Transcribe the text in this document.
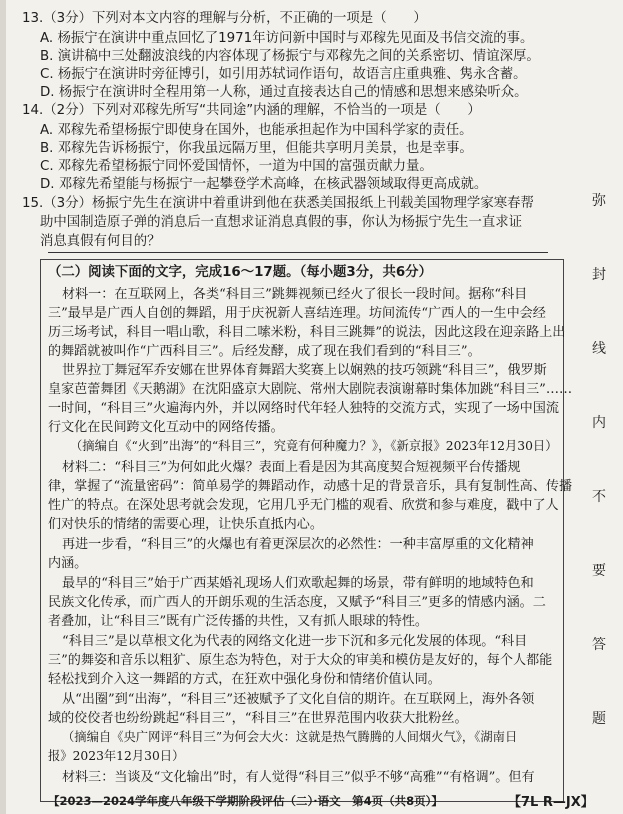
13.（3分）下列对本文内容的理解与分析，不正确的一项是（　　）
A. 杨振宁在演讲中重点回忆了1971年访问新中国时与邓稼先见面及书信交流的事。
B. 演讲稿中三处翻波浪线的内容体现了杨振宁与邓稼先之间的关系密切、情谊深厚。
C. 杨振宁在演讲时旁征博引，如引用苏轼词作语句，故语言庄重典雅、隽永含蓄。
D. 杨振宁在演讲时全程用第一人称，通过直接表达自己的情感和思想来感染听众。
14.（2分）下列对邓稼先所写“共同途”内涵的理解，不恰当的一项是（　　）
A. 邓稼先希望杨振宁即使身在国外，也能承担起作为中国科学家的责任。
B. 邓稼先告诉杨振宁，你我虽远隔万里，但能共享明月美景，也是幸事。
C. 邓稼先希望杨振宁同怀爱国情怀，一道为中国的富强贡献力量。
D. 邓稼先希望能与杨振宁一起攀登学术高峰，在核武器领域取得更高成就。
15.（3分）杨振宁先生在演讲中着重讲到他在获悉美国报纸上刊载美国物理学家寒春帮
助中国制造原子弹的消息后一直想求证消息真假的事，你认为杨振宁先生一直求证
消息真假有何目的？
（二）阅读下面的文字，完成16～17题。（每小题3分，共6分）
材料一：在互联网上，各类“科目三”跳舞视频已经火了很长一段时间。据称“科目
三”最早是广西人自创的舞蹈，用于庆祝新人喜结连理。坊间流传“广西人的一生中会经
历三场考试，科目一唱山歌，科目二嗦米粉，科目三跳舞”的说法，因此这段在迎亲路上出
的舞蹈就被叫作“广西科目三”。后经发酵，成了现在我们看到的“科目三”。
世界拉丁舞冠军乔安娜在世界体育舞蹈大奖赛上以娴熟的技巧领跳“科目三”，俄罗斯
皇家芭蕾舞团《天鹅湖》在沈阳盛京大剧院、常州大剧院表演谢幕时集体加跳“科目三”……
一时间，“科目三”火遍海内外，并以网络时代年轻人独特的交流方式，实现了一场中国流
行文化在民间跨文化互动中的网络传播。
（摘编自《“火到”出海”的“科目三”，究竟有何种魔力？》，《新京报》2023年12月30日）
材料二：“科目三”为何如此火爆？表面上看是因为其高度契合短视频平台传播规
律，掌握了“流量密码”：简单易学的舞蹈动作，动感十足的背景音乐，具有复制性高、传播
性广的特点。在深处思考就会发现，它用几乎无门槛的观看、欣赏和参与难度，戳中了人
们对快乐的情绪的需要心理，让快乐直抵内心。
再进一步看，“科目三”的火爆也有着更深层次的必然性：一种丰富厚重的文化精神
内涵。
最早的“科目三”始于广西某婚礼现场人们欢歌起舞的场景，带有鲜明的地域特色和
民族文化传承，而广西人的开朗乐观的生活态度，又赋予“科目三”更多的情感内涵。二
者叠加，让“科目三”既有广泛传播的共性，又有抓人眼球的特性。
“科目三”是以草根文化为代表的网络文化进一步下沉和多元化发展的体现。“科目
三”的舞姿和音乐以粗犷、原生态为特色，对于大众的审美和模仿是友好的，每个人都能
轻松找到介入这一舞蹈的方式，在狂欢中强化身份和情绪价值认同。
从“出圈”到“出海”，“科目三”还被赋予了文化自信的期许。在互联网上，海外各领
域的佼佼者也纷纷跳起“科目三”，“科目三”在世界范围内收获大批粉丝。
（摘编自《央广网评“科目三”为何会大火：这就是热气腾腾的人间烟火气》，《湖南日
报》2023年12月30日）
材料三：当谈及“文化输出”时，有人觉得“科目三”似乎不够“高雅”“有格调”。但有
弥
封
线
内
不
要
答
题
【2023—2024学年度八年级下学期阶段评估（二）·语文　第4页（共8页）】	【7L R—JX】
